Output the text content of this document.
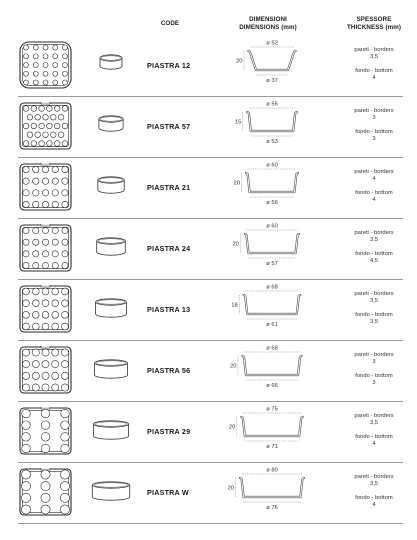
CODE
DIMENSIONI
DIMENSIONS (mm)
SPESSORE
THICKNESS (mm)
PIASTRA 12
ø 52
20
ø 37
pareti - borders
3,5
fondo - bottom
4
PIASTRA 57
ø 55
15
ø 53
pareti - borders
3
fondo - bottom
3
PIASTRA 21
ø 60
20
ø 56
pareti - borders
4
fondo - bottom
4
PIASTRA 24
ø 60
20
ø 57
pareti - borders
3,5
fondo - bottom
4,5
PIASTRA 13
ø 68
18
ø 61
pareti - borders
3,5
fondo - bottom
3,5
PIASTRA 56
ø 68
20
ø 66
pareti - borders
3
fondo - bottom
3
PIASTRA 29
ø 75
20
ø 71
pareti - borders
3,5
fondo - bottom
4
PIASTRA W
ø 80
20
ø 76
pareti - borders
3,5
fondo - bottom
4
